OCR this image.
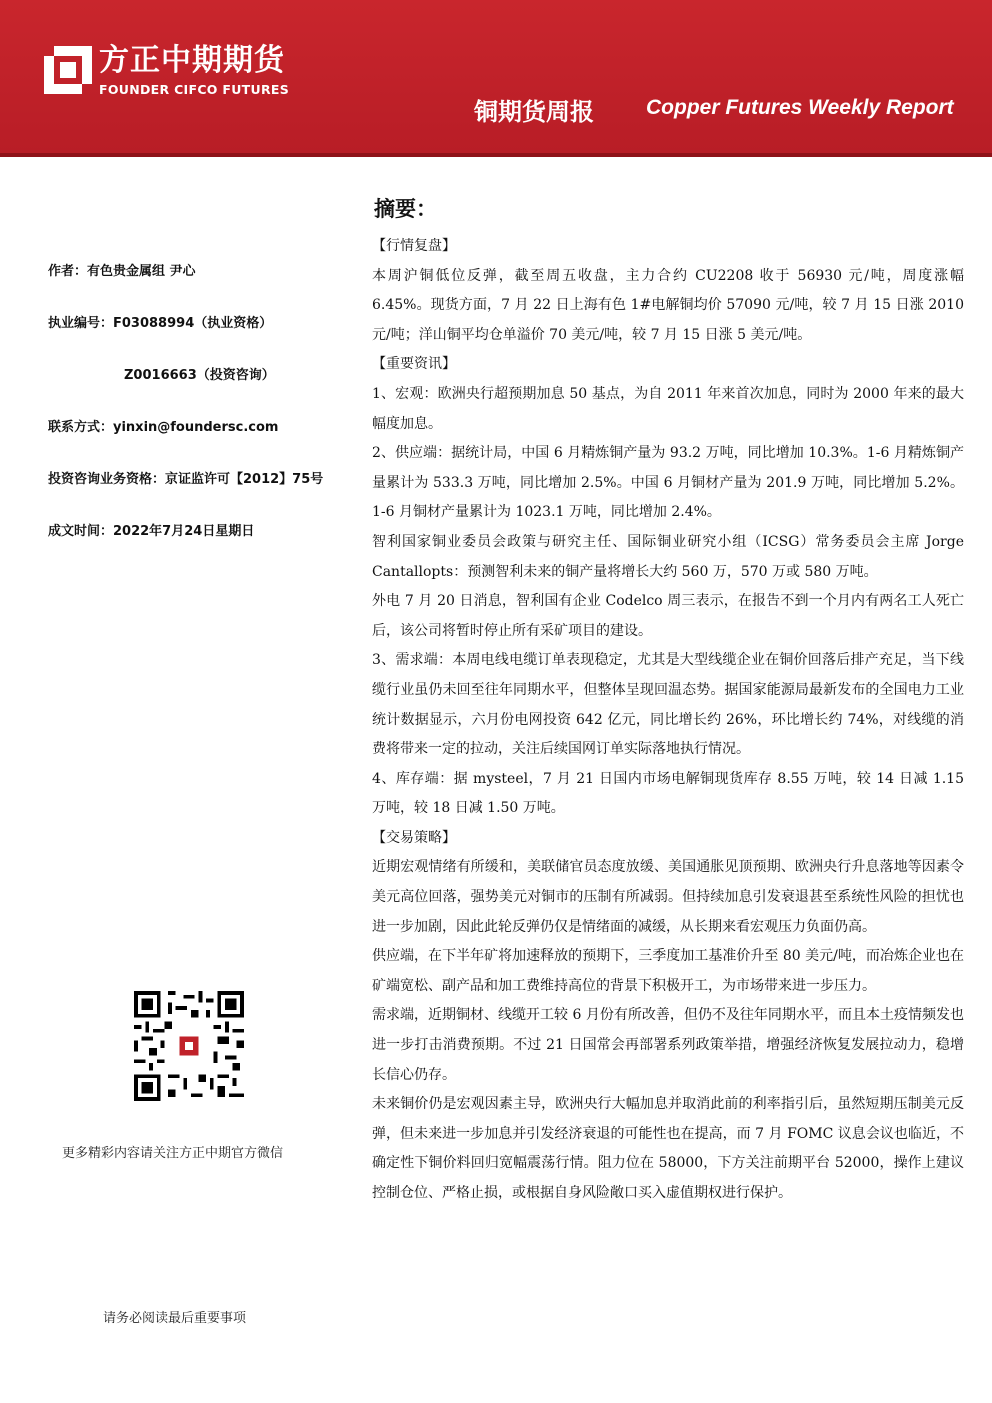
方正中期期货
FOUNDER CIFCO FUTURES
铜期货周报 Copper Futures Weekly Report
作者：有色贵金属组 尹心
执业编号：F03088994（执业资格）
Z0016663（投资咨询）
联系方式：yinxin@foundersc.com
投资咨询业务资格：京证监许可【2012】75号
成文时间：2022年7月24日星期日
更多精彩内容请关注方正中期官方微信
请务必阅读最后重要事项
摘要：

【行情复盘】

本周沪铜低位反弹，截至周五收盘，主力合约 CU2208 收于 56930 元/吨，周度涨幅 6.45%。现货方面，7 月 22 日上海有色 1#电解铜均价 57090 元/吨，较 7 月 15 日涨 2010 元/吨；洋山铜平均仓单溢价 70 美元/吨，较 7 月 15 日涨 5 美元/吨。

【重要资讯】

1、宏观：欧洲央行超预期加息 50 基点，为自 2011 年来首次加息，同时为 2000 年来的最大幅度加息。

2、供应端：据统计局，中国 6 月精炼铜产量为 93.2 万吨，同比增加 10.3%。1-6 月精炼铜产量累计为 533.3 万吨，同比增加 2.5%。中国 6 月铜材产量为 201.9 万吨，同比增加 5.2%。1-6 月铜材产量累计为 1023.1 万吨，同比增加 2.4%。

智利国家铜业委员会政策与研究主任、国际铜业研究小组（ICSG）常务委员会主席 Jorge Cantallopts：预测智利未来的铜产量将增长大约 560 万，570 万或 580 万吨。

外电 7 月 20 日消息，智利国有企业 Codelco 周三表示，在报告不到一个月内有两名工人死亡后，该公司将暂时停止所有采矿项目的建设。

3、需求端：本周电线电缆订单表现稳定，尤其是大型线缆企业在铜价回落后排产充足，当下线缆行业虽仍未回至往年同期水平，但整体呈现回温态势。据国家能源局最新发布的全国电力工业统计数据显示，六月份电网投资 642 亿元，同比增长约 26%，环比增长约 74%，对线缆的消费将带来一定的拉动，关注后续国网订单实际落地执行情况。

4、库存端：据 mysteel，7 月 21 日国内市场电解铜现货库存 8.55 万吨，较 14 日减 1.15 万吨，较 18 日减 1.50 万吨。

【交易策略】

近期宏观情绪有所缓和，美联储官员态度放缓、美国通胀见顶预期、欧洲央行升息落地等因素令美元高位回落，强势美元对铜市的压制有所减弱。但持续加息引发衰退甚至系统性风险的担忧也进一步加剧，因此此轮反弹仍仅是情绪面的减缓，从长期来看宏观压力负面仍高。

供应端，在下半年矿将加速释放的预期下，三季度加工基准价升至 80 美元/吨，而冶炼企业也在矿端宽松、副产品和加工费维持高位的背景下积极开工，为市场带来进一步压力。

需求端，近期铜材、线缆开工较 6 月份有所改善，但仍不及往年同期水平，而且本土疫情频发也进一步打击消费预期。不过 21 日国常会再部署系列政策举措，增强经济恢复发展拉动力，稳增长信心仍存。

未来铜价仍是宏观因素主导，欧洲央行大幅加息并取消此前的利率指引后，虽然短期压制美元反弹，但未来进一步加息并引发经济衰退的可能性也在提高，而 7 月 FOMC 议息会议也临近，不确定性下铜价料回归宽幅震荡行情。阻力位在 58000，下方关注前期平台 52000，操作上建议控制仓位、严格止损，或根据自身风险敞口买入虚值期权进行保护。
